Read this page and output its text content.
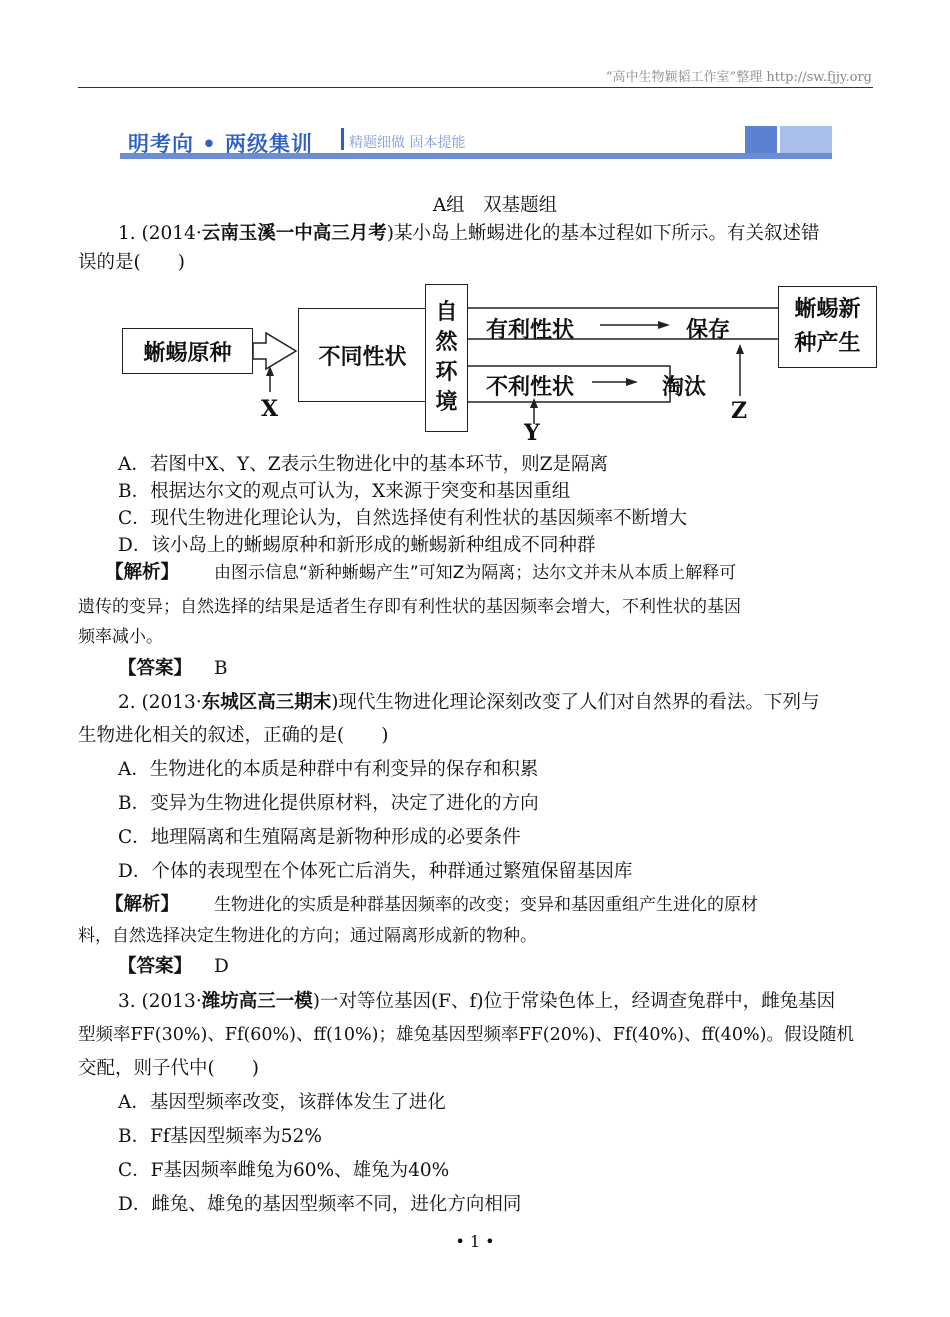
“高中生物颖韬工作室”整理 http://sw.fjjy.org
明考向 • 两级集训	精题细做 固本提能
A组　双基题组
1. (2014·云南玉溪一中高三月考)某小岛上蜥蜴进化的基本过程如下所示。有关叙述错
误的是(　　)
蜥蜴原种	不同性状
自然
环境
有利性状	保存
不利性状	淘汰
蜥蜴新
种产生
X
Y
Z
A．若图中X、Y、Z表示生物进化中的基本环节，则Z是隔离
B．根据达尔文的观点可认为，X来源于突变和基因重组
C．现代生物进化理论认为，自然选择使有利性状的基因频率不断增大
D．该小岛上的蜥蜴原种和新形成的蜥蜴新种组成不同种群
【解析】 由图示信息“新种蜥蜴产生”可知Z为隔离；达尔文并未从本质上解释可
遗传的变异；自然选择的结果是适者生存即有利性状的基因频率会增大，不利性状的基因
频率减小。
【答案】 B
2. (2013·东城区高三期末)现代生物进化理论深刻改变了人们对自然界的看法。下列与
生物进化相关的叙述，正确的是(　　)
A．生物进化的本质是种群中有利变异的保存和积累
B．变异为生物进化提供原材料，决定了进化的方向
C．地理隔离和生殖隔离是新物种形成的必要条件
D．个体的表现型在个体死亡后消失，种群通过繁殖保留基因库
【解析】 生物进化的实质是种群基因频率的改变；变异和基因重组产生进化的原材
料，自然选择决定生物进化的方向；通过隔离形成新的物种。
【答案】 D
3. (2013·潍坊高三一模)一对等位基因(F、f)位于常染色体上，经调查兔群中，雌兔基因
型频率FF(30%)、Ff(60%)、ff(10%)；雄兔基因型频率FF(20%)、Ff(40%)、ff(40%)。假设随机
交配，则子代中(　　)
A．基因型频率改变，该群体发生了进化
B．Ff基因型频率为52%
C．F基因频率雌兔为60%、雄兔为40%
D．雌兔、雄兔的基因型频率不同，进化方向相同
• 1 •
